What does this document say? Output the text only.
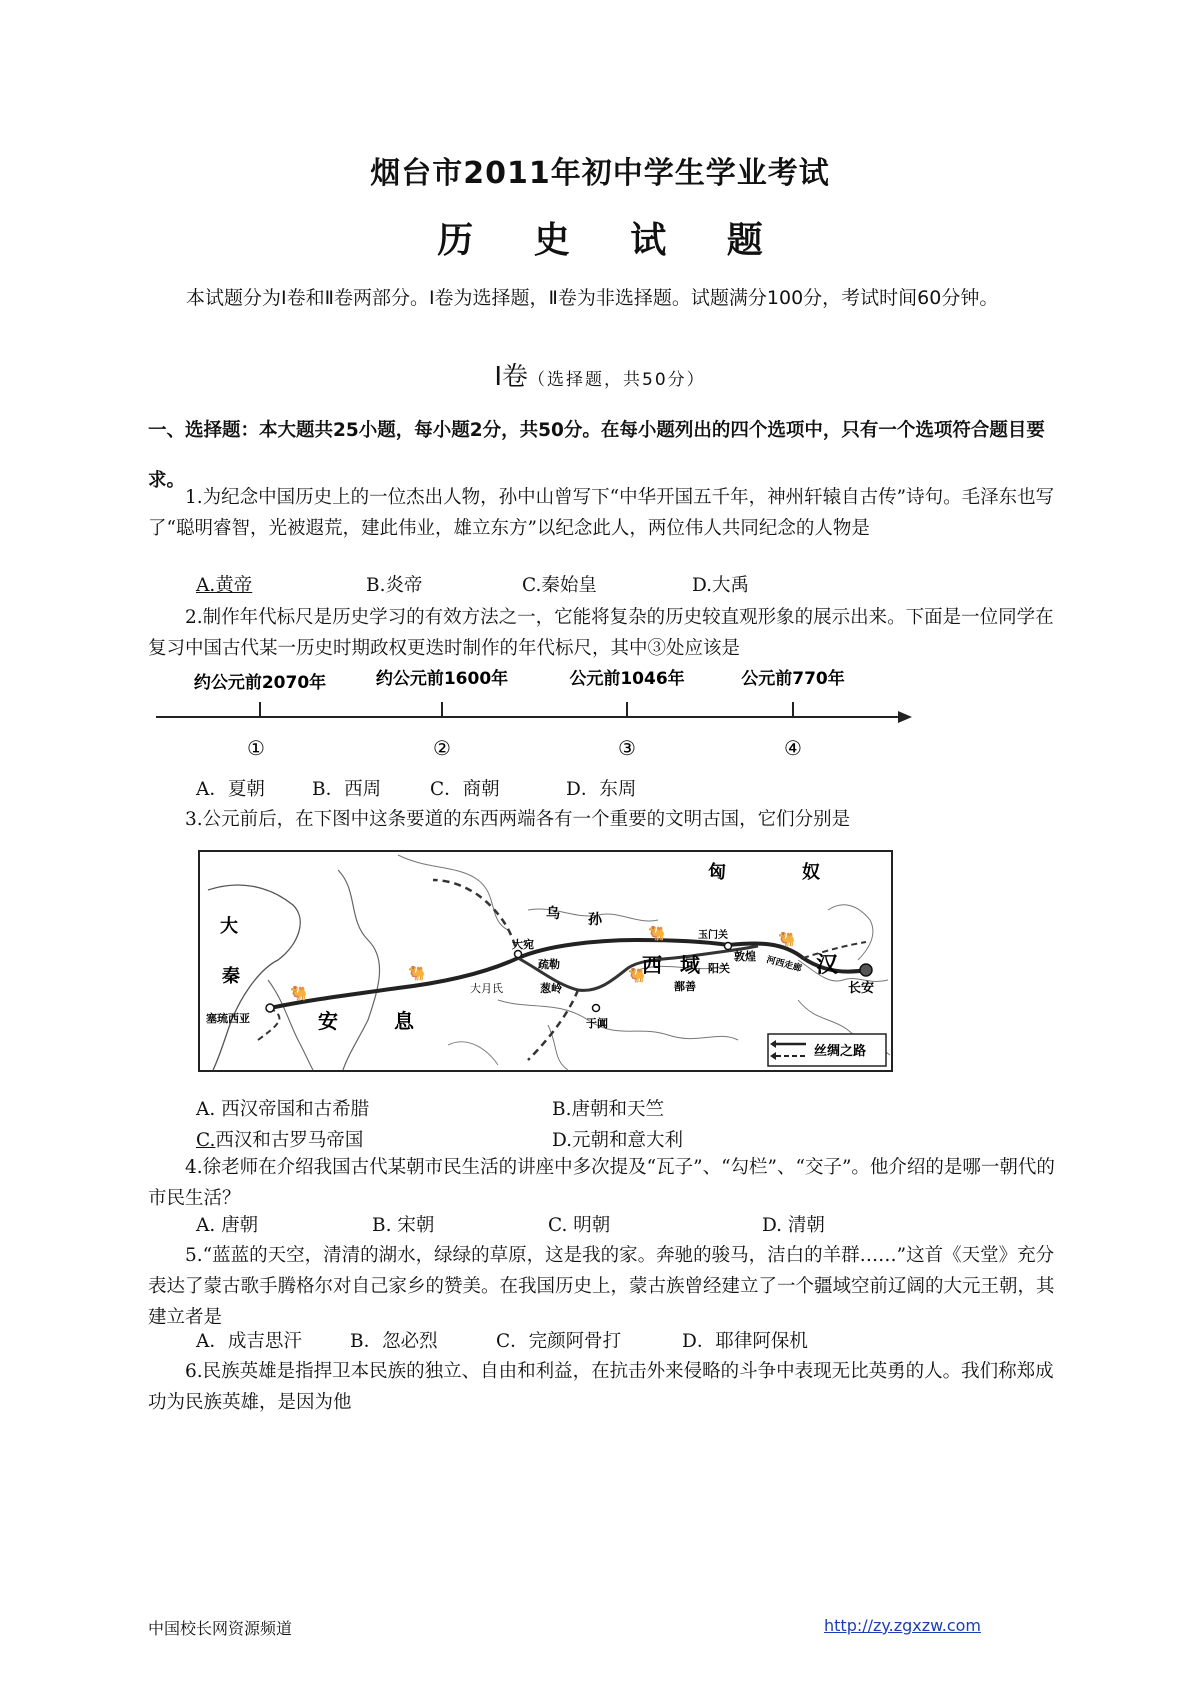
烟台市2011年初中学生学业考试
历 史 试 题
本试题分为Ⅰ卷和Ⅱ卷两部分。Ⅰ卷为选择题，Ⅱ卷为非选择题。试题满分100分，考试时间60分钟。
Ⅰ卷（选择题，共50分）
一、选择题：本大题共25小题，每小题2分，共50分。在每小题列出的四个选项中，只有一个选项符合题目要求。
1.为纪念中国历史上的一位杰出人物，孙中山曾写下“中华开国五千年，神州轩辕自古传”诗句。毛泽东也写了“聪明睿智，光被遐荒，建此伟业，雄立东方”以纪念此人，两位伟人共同纪念的人物是
A.黄帝	B.炎帝	C.秦始皇	D.大禹
2.制作年代标尺是历史学习的有效方法之一，它能将复杂的历史较直观形象的展示出来。下面是一位同学在复习中国古代某一历史时期政权更迭时制作的年代标尺，其中③处应该是
约公元前2070年	约公元前1600年	公元前1046年	公元前770年
①	②	③	④
A．夏朝	B．西周	C．商朝	D．东周
3.公元前后，在下图中这条要道的东西两端各有一个重要的文明古国，它们分别是
🐫
🐫
🐫
🐫
🐫
匈	奴
大
秦
塞琉西亚	安	息
大宛
乌 孙
疏勒
大月氏	葱岭
于阗
西 域
鄯善
玉门关
敦煌
阳关	河西走廊 汉
长安
丝绸之路
A. 西汉帝国和古希腊	B.唐朝和天竺
C.西汉和古罗马帝国	D.元朝和意大利
4.徐老师在介绍我国古代某朝市民生活的讲座中多次提及“瓦子”、“勾栏”、“交子”。他介绍的是哪一朝代的市民生活？
A. 唐朝	B. 宋朝	C. 明朝	D. 清朝
5.“蓝蓝的天空，清清的湖水，绿绿的草原，这是我的家。奔驰的骏马，洁白的羊群……”这首《天堂》充分表达了蒙古歌手腾格尔对自己家乡的赞美。在我国历史上，蒙古族曾经建立了一个疆域空前辽阔的大元王朝，其建立者是
A．成吉思汗	B．忽必烈	C．完颜阿骨打	D．耶律阿保机
6.民族英雄是指捍卫本民族的独立、自由和利益，在抗击外来侵略的斗争中表现无比英勇的人。我们称郑成功为民族英雄，是因为他
中国校长网资源频道	http://zy.zgxzw.com
